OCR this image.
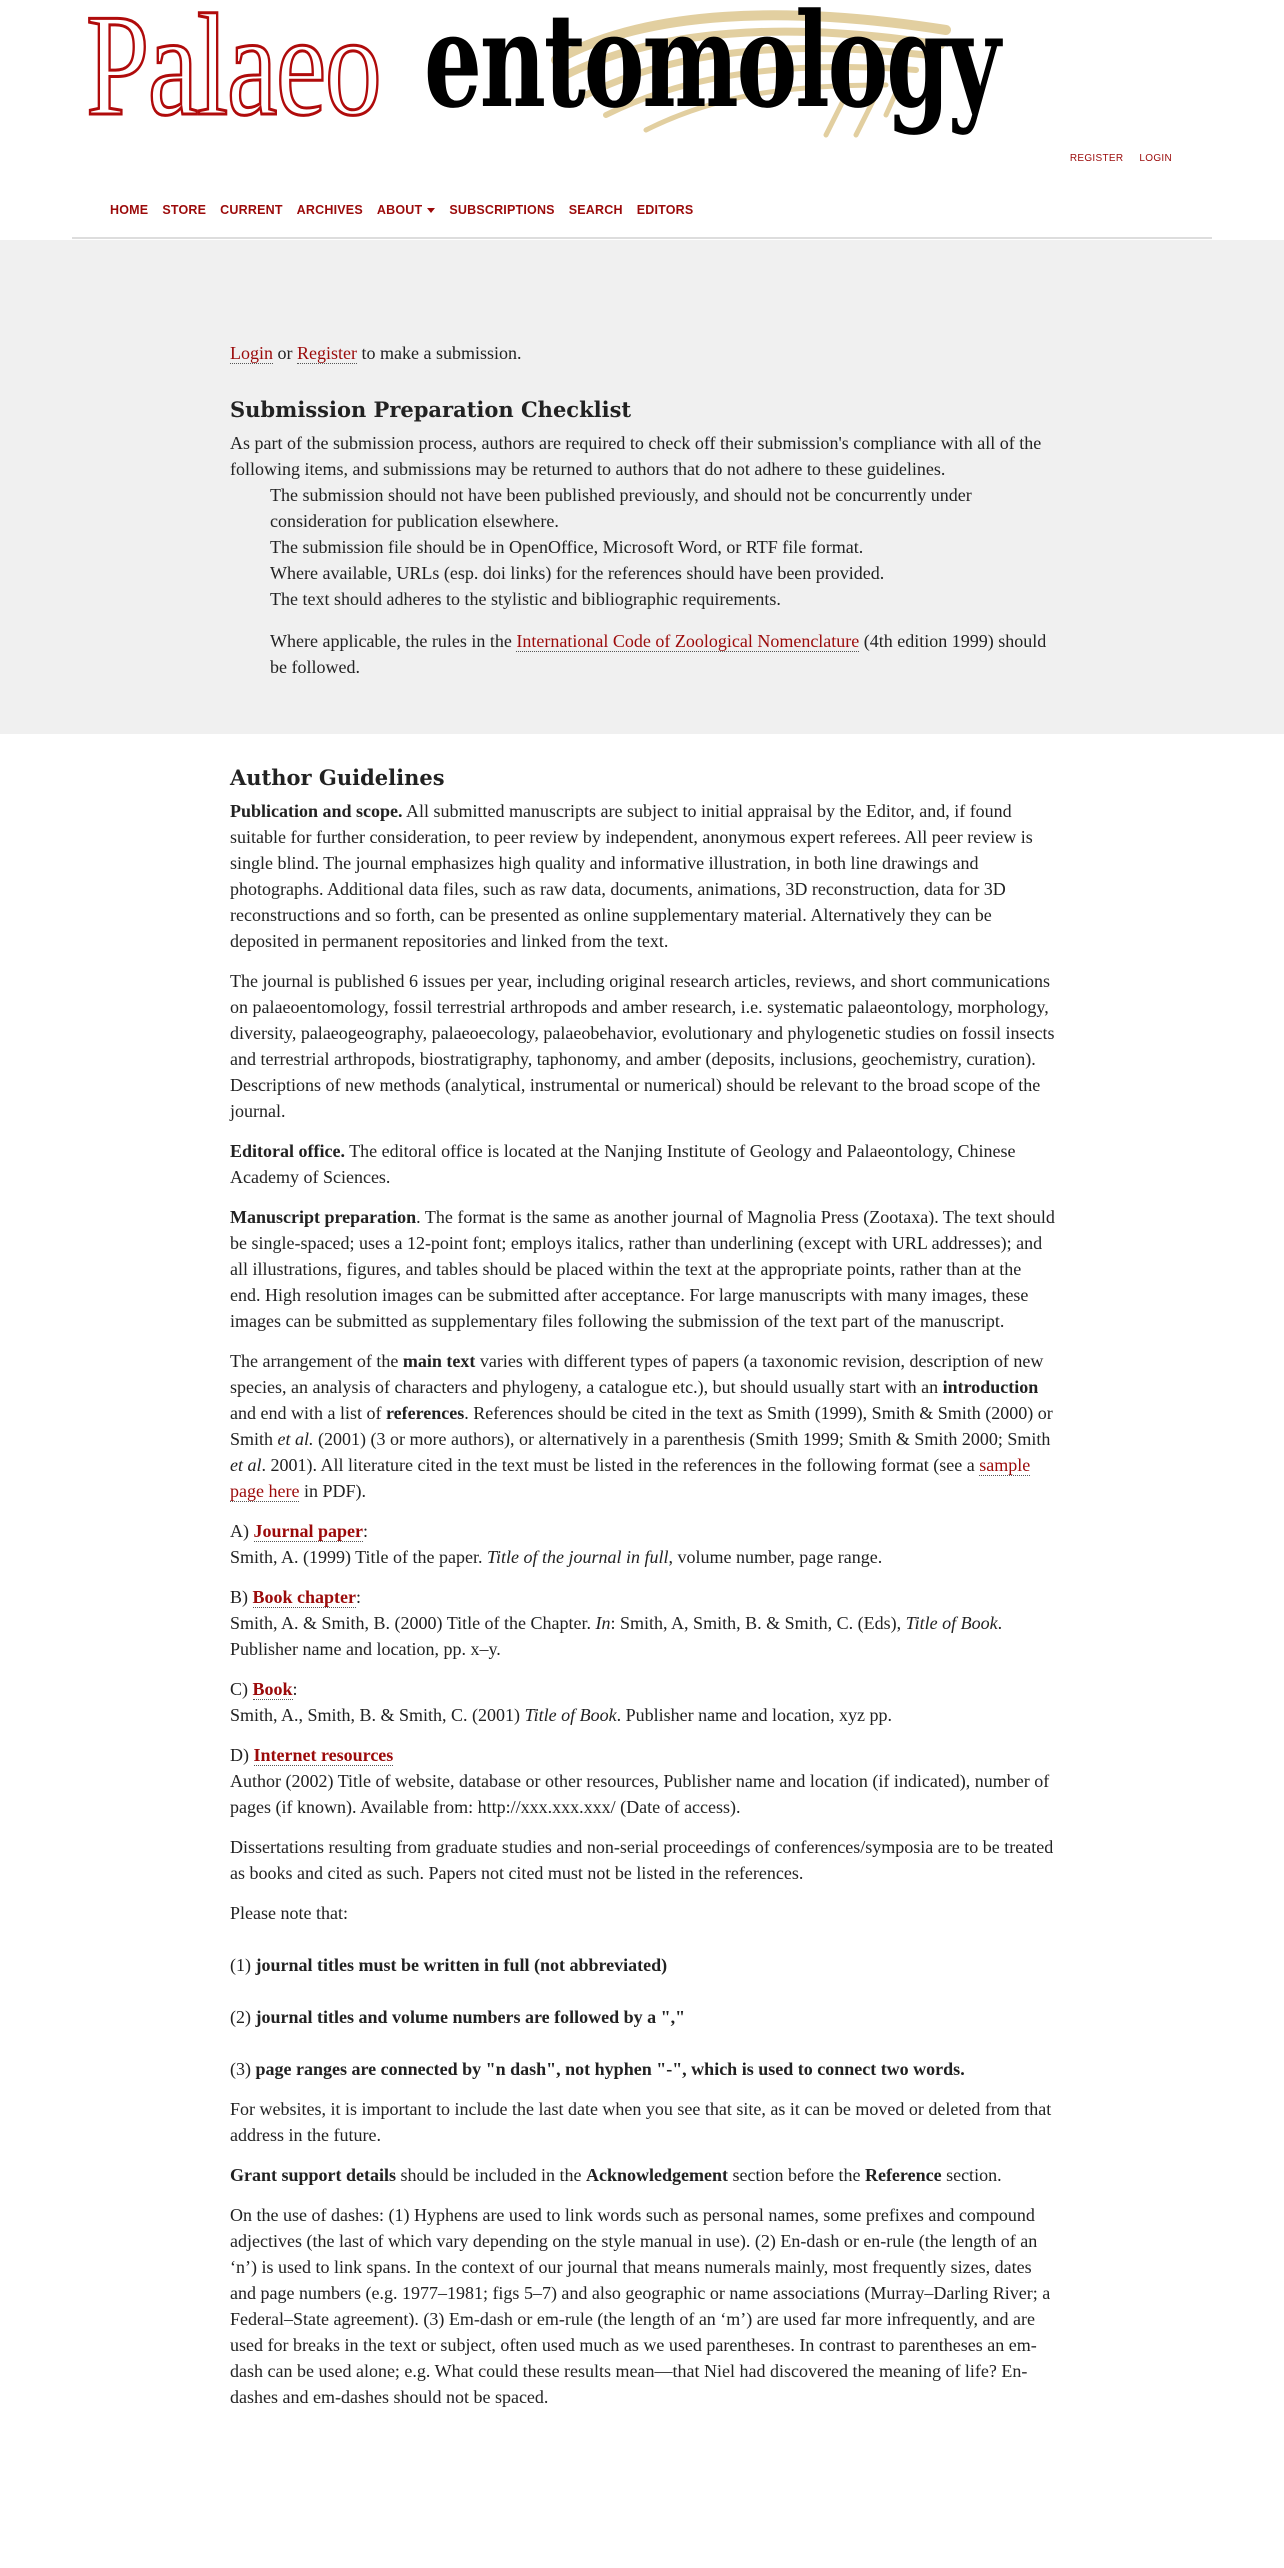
Palaeo entomology
REGISTER LOGIN
HOME STORE CURRENT ARCHIVES ABOUT SUBSCRIPTIONS SEARCH EDITORS

Login or Register to make a submission.

Submission Preparation Checklist

As part of the submission process, authors are required to check off their submission's compliance with all of the following items, and submissions may be returned to authors that do not adhere to these guidelines.

The submission should not have been published previously, and should not be concurrently under consideration for publication elsewhere.
The submission file should be in OpenOffice, Microsoft Word, or RTF file format.
Where available, URLs (esp. doi links) for the references should have been provided.
The text should adheres to the stylistic and bibliographic requirements.

Where applicable, the rules in the International Code of Zoological Nomenclature (4th edition 1999) should be followed.

Author Guidelines

Publication and scope. All submitted manuscripts are subject to initial appraisal by the Editor, and, if found suitable for further consideration, to peer review by independent, anonymous expert referees. All peer review is single blind. The journal emphasizes high quality and informative illustration, in both line drawings and photographs. Additional data files, such as raw data, documents, animations, 3D reconstruction, data for 3D reconstructions and so forth, can be presented as online supplementary material. Alternatively they can be deposited in permanent repositories and linked from the text.

The journal is published 6 issues per year, including original research articles, reviews, and short communications on palaeoentomology, fossil terrestrial arthropods and amber research, i.e. systematic palaeontology, morphology, diversity, palaeogeography, palaeoecology, palaeobehavior, evolutionary and phylogenetic studies on fossil insects and terrestrial arthropods, biostratigraphy, taphonomy, and amber (deposits, inclusions, geochemistry, curation). Descriptions of new methods (analytical, instrumental or numerical) should be relevant to the broad scope of the journal.

Editoral office. The editoral office is located at the Nanjing Institute of Geology and Palaeontology, Chinese Academy of Sciences.

Manuscript preparation. The format is the same as another journal of Magnolia Press (Zootaxa). The text should be single-spaced; uses a 12-point font; employs italics, rather than underlining (except with URL addresses); and all illustrations, figures, and tables should be placed within the text at the appropriate points, rather than at the end. High resolution images can be submitted after acceptance. For large manuscripts with many images, these images can be submitted as supplementary files following the submission of the text part of the manuscript.

The arrangement of the main text varies with different types of papers (a taxonomic revision, description of new species, an analysis of characters and phylogeny, a catalogue etc.), but should usually start with an introduction and end with a list of references. References should be cited in the text as Smith (1999), Smith & Smith (2000) or Smith et al. (2001) (3 or more authors), or alternatively in a parenthesis (Smith 1999; Smith & Smith 2000; Smith et al. 2001). All literature cited in the text must be listed in the references in the following format (see a sample page here in PDF).

A) Journal paper:
Smith, A. (1999) Title of the paper. Title of the journal in full, volume number, page range.

B) Book chapter:
Smith, A. & Smith, B. (2000) Title of the Chapter. In: Smith, A, Smith, B. & Smith, C. (Eds), Title of Book. Publisher name and location, pp. x–y.

C) Book:
Smith, A., Smith, B. & Smith, C. (2001) Title of Book. Publisher name and location, xyz pp.

D) Internet resources
Author (2002) Title of website, database or other resources, Publisher name and location (if indicated), number of pages (if known). Available from: http://xxx.xxx.xxx/ (Date of access).

Dissertations resulting from graduate studies and non-serial proceedings of conferences/symposia are to be treated as books and cited as such. Papers not cited must not be listed in the references.

Please note that:

(1) journal titles must be written in full (not abbreviated)

(2) journal titles and volume numbers are followed by a ","

(3) page ranges are connected by "n dash", not hyphen "-", which is used to connect two words.

For websites, it is important to include the last date when you see that site, as it can be moved or deleted from that address in the future.

Grant support details should be included in the Acknowledgement section before the Reference section.

On the use of dashes: (1) Hyphens are used to link words such as personal names, some prefixes and compound adjectives (the last of which vary depending on the style manual in use). (2) En-dash or en-rule (the length of an ‘n’) is used to link spans. In the context of our journal that means numerals mainly, most frequently sizes, dates and page numbers (e.g. 1977–1981; figs 5–7) and also geographic or name associations (Murray–Darling River; a Federal–State agreement). (3) Em-dash or em-rule (the length of an ‘m’) are used far more infrequently, and are used for breaks in the text or subject, often used much as we used parentheses. In contrast to parentheses an em-dash can be used alone; e.g. What could these results mean—that Niel had discovered the meaning of life? En-dashes and em-dashes should not be spaced.
